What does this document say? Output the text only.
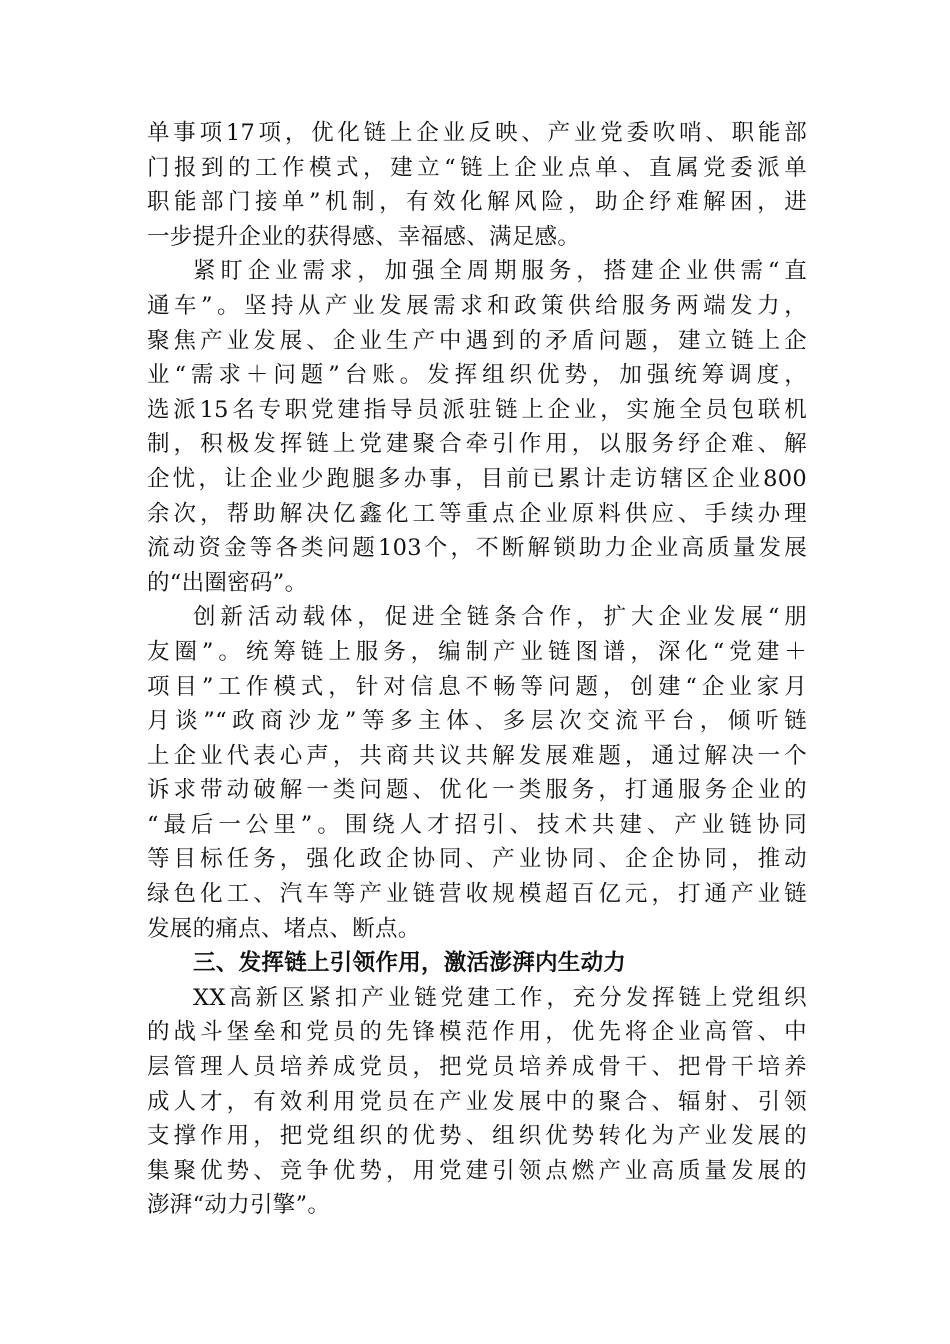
单事项17项，优化链上企业反映、产业党委吹哨、职能部
门报到的工作模式，建立“链上企业点单、直属党委派单
职能部门接单”机制，有效化解风险，助企纾难解困，进
一步提升企业的获得感、幸福感、满足感。
紧盯企业需求，加强全周期服务，搭建企业供需“直
通车”。坚持从产业发展需求和政策供给服务两端发力，
聚焦产业发展、企业生产中遇到的矛盾问题，建立链上企
业“需求＋问题”台账。发挥组织优势，加强统筹调度，
选派15名专职党建指导员派驻链上企业，实施全员包联机
制，积极发挥链上党建聚合牵引作用，以服务纾企难、解
企忧，让企业少跑腿多办事，目前已累计走访辖区企业800
余次，帮助解决亿鑫化工等重点企业原料供应、手续办理
流动资金等各类问题103个，不断解锁助力企业高质量发展
的“出圈密码”。
创新活动载体，促进全链条合作，扩大企业发展“朋
友圈”。统筹链上服务，编制产业链图谱，深化“党建＋
项目”工作模式，针对信息不畅等问题，创建“企业家月
月谈”“政商沙龙”等多主体、多层次交流平台，倾听链
上企业代表心声，共商共议共解发展难题，通过解决一个
诉求带动破解一类问题、优化一类服务，打通服务企业的
“最后一公里”。围绕人才招引、技术共建、产业链协同
等目标任务，强化政企协同、产业协同、企企协同，推动
绿色化工、汽车等产业链营收规模超百亿元，打通产业链
发展的痛点、堵点、断点。
三、发挥链上引领作用，激活澎湃内生动力
XX高新区紧扣产业链党建工作，充分发挥链上党组织
的战斗堡垒和党员的先锋模范作用，优先将企业高管、中
层管理人员培养成党员，把党员培养成骨干、把骨干培养
成人才，有效利用党员在产业发展中的聚合、辐射、引领
支撑作用，把党组织的优势、组织优势转化为产业发展的
集聚优势、竞争优势，用党建引领点燃产业高质量发展的
澎湃“动力引擎”。
